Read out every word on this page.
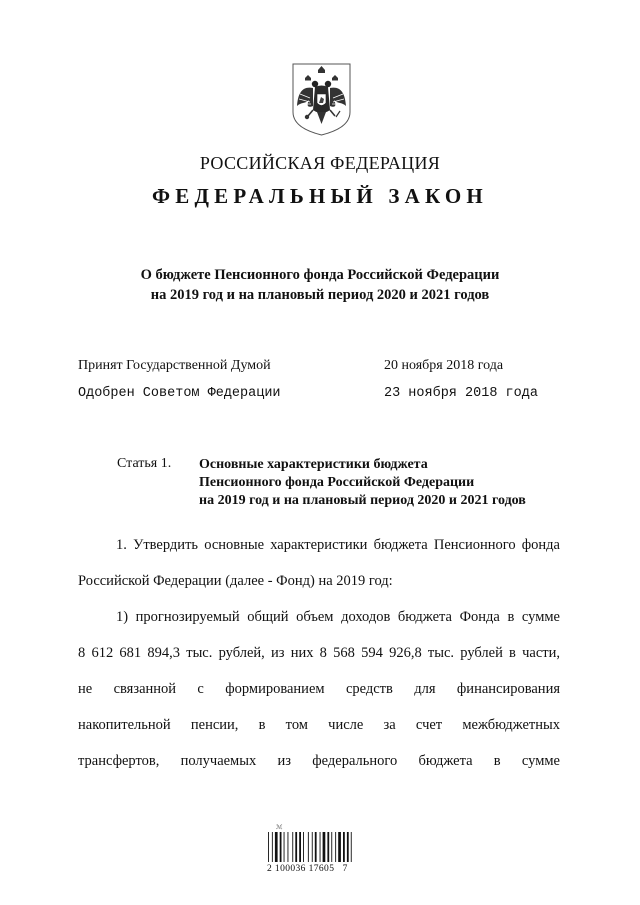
РОССИЙСКАЯ ФЕДЕРАЦИЯ
ФЕДЕРАЛЬНЫЙ ЗАКОН
О бюджете Пенсионного фонда Российской Федерации
на 2019 год и на плановый период 2020 и 2021 годов
Принят Государственной Думой	20 ноября 2018 года
Одобрен Советом Федерации	23 ноября 2018 года
Статья 1. Основные характеристики бюджета
Пенсионного фонда Российской Федерации
на 2019 год и на плановый период 2020 и 2021 годов

1. Утвердить основные характеристики бюджета Пенсионного фонда

Российской Федерации (далее - Фонд) на 2019 год:

1) прогнозируемый общий объем доходов бюджета Фонда в сумме

8 612 681 894,3 тыс. рублей, из них 8 568 594 926,8 тыс. рублей в части,

не связанной с формированием средств для финансирования

накопительной пенсии, в том числе за счет межбюджетных

трансфертов, получаемых из федерального бюджета в сумме

ℳ
2 100036 17605   7
